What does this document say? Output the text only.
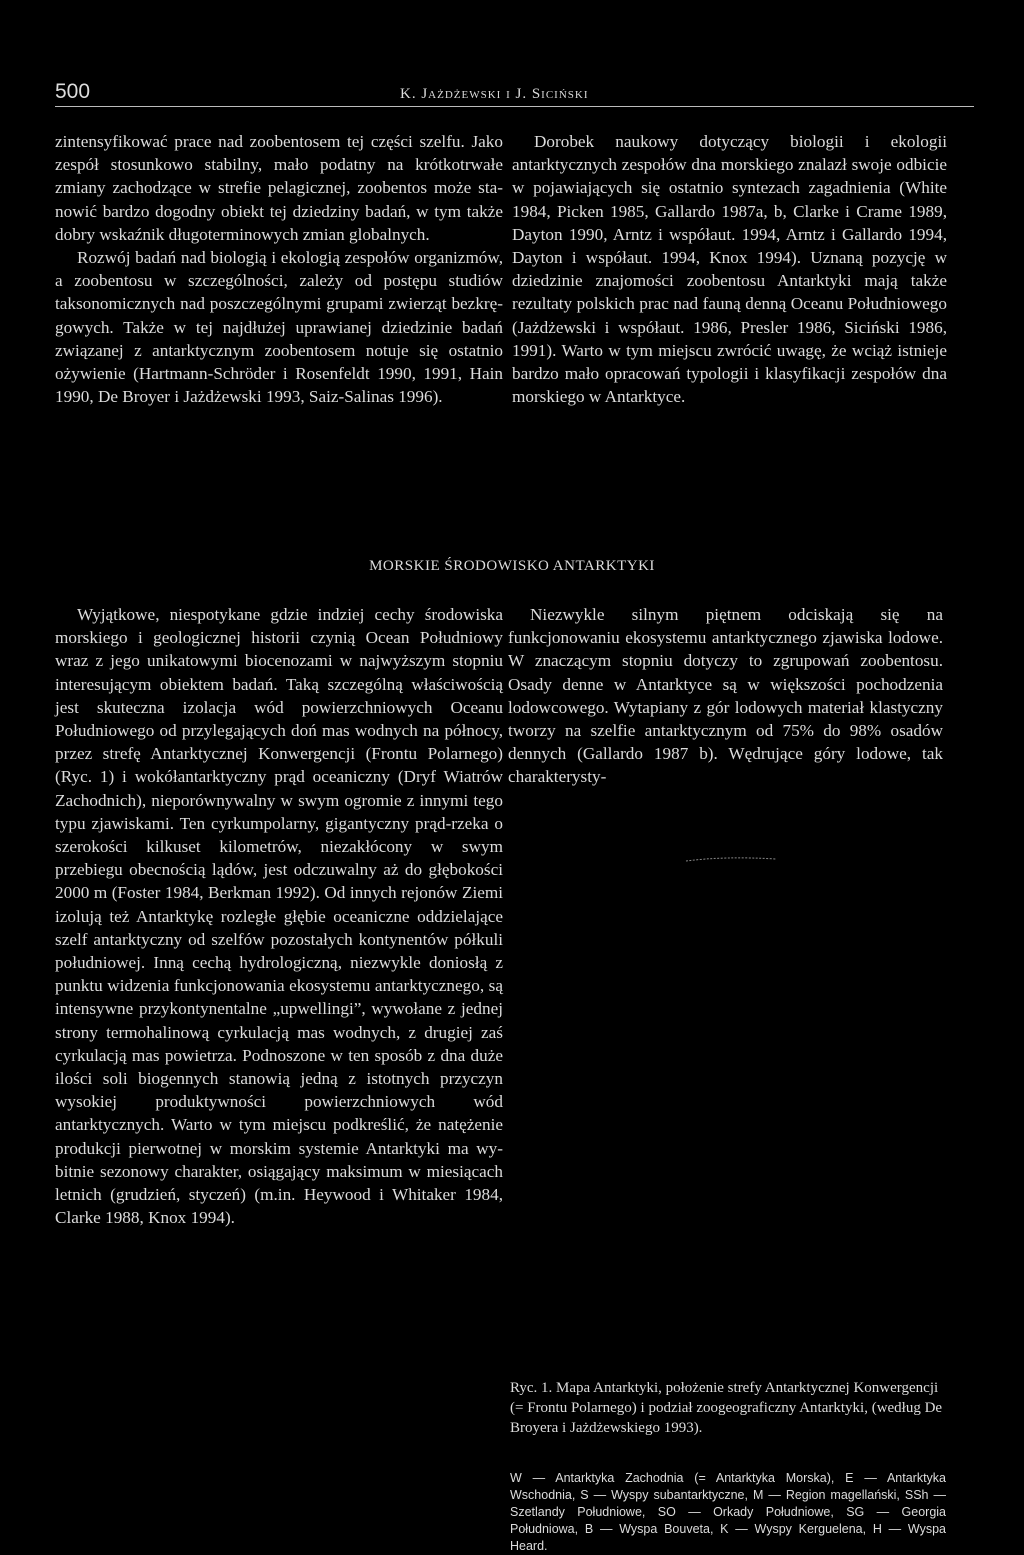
500	K. Jażdżewski i J. Siciński

zintensyfikować prace nad zoobentosem tej części szelfu. Jako zespół stosunkowo stabilny, mało podatny na krótkotrwałe zmiany zachodzące w strefie pelagicznej, zoobentos może stanowić bardzo dogodny obiekt tej dziedziny badań, w tym także dobry wskaźnik długoterminowych zmian globalnych.

Rozwój badań nad biologią i ekologią zespołów organizmów, a zoobentosu w szczególności, zależy od postępu studiów taksonomicznych nad poszczególnymi grupami zwierząt bezkręgowych. Także w tej najdłużej uprawianej dziedzinie badań związanej z antarktycznym zoobentosem notuje się ostatnio ożywienie (Hartmann-Schröder i Rosenfeldt 1990, 1991, Hain 1990, De Broyer i Jażdżewski 1993, Saiz-Salinas 1996).

Dorobek naukowy dotyczący biologii i ekologii antarktycznych zespołów dna morskiego znalazł swoje odbicie w pojawiających się ostatnio syntezach zagadnienia (White 1984, Picken 1985, Gallardo 1987a, b, Clarke i Crame 1989, Dayton 1990, Arntz i współaut. 1994, Arntz i Gallardo 1994, Dayton i współaut. 1994, Knox 1994). Uznaną pozycję w dziedzinie znajomości zoobentosu Antarktyki mają także rezultaty polskich prac nad fauną denną Oceanu Południowego (Jażdżewski i współaut. 1986, Presler 1986, Siciński 1986, 1991). Warto w tym miejscu zwrócić uwagę, że wciąż istnieje bardzo mało opracowań typologii i klasyfikacji zespołów dna morskiego w Antarktyce.

MORSKIE ŚRODOWISKO ANTARKTYKI

Wyjątkowe, niespotykane gdzie indziej cechy środowiska morskiego i geologicznej historii czynią Ocean Południowy wraz z jego unikatowymi biocenozami w najwyższym stopniu interesującym obiektem badań. Taką szczególną właściwością jest skuteczna izolacja wód powierzchniowych Oceanu Południowego od przylegających doń mas wodnych na północy, przez strefę Antarktycznej Konwergencji (Frontu Polarnego) (Ryc. 1) i wokółantarktyczny prąd oceaniczny (Dryf Wiatrów Zachodnich), nieporównywalny w swym ogromie z innymi tego typu zjawiskami. Ten cyrkumpolarny, gigantyczny prąd-rzeka o szerokości kilkuset kilometrów, niezakłócony w swym przebiegu obecnością lądów, jest odczuwalny aż do głębokości 2000 m (Foster 1984, Berkman 1992). Od innych rejonów Ziemi izolują też Antarktykę rozległe głębie oceaniczne oddzielające szelf antarktyczny od szelfów pozostałych kontynentów półkuli południowej. Inną cechą hydrologiczną, niezwykle doniosłą z punktu widzenia funkcjonowania ekosystemu antarktycznego, są intensywne przykontynentalne „upwellingi”, wywołane z jednej strony termohalinową cyrkulacją mas wodnych, z drugiej zaś cyrkulacją mas powietrza. Podnoszone w ten sposób z dna duże ilości soli biogennych stanowią jedną z istotnych przyczyn wysokiej produktywności powierzchniowych wód antarktycznych. Warto w tym miejscu podkreślić, że natężenie produkcji pierwotnej w morskim systemie Antarktyki ma wybitnie sezonowy charakter, osiągający maksimum w miesiącach letnich (grudzień, styczeń) (m.in. Heywood i Whitaker 1984, Clarke 1988, Knox 1994).

Niezwykle silnym piętnem odciskają się na funkcjonowaniu ekosystemu antarktycznego zjawiska lodowe. W znaczącym stopniu dotyczy to zgrupowań zoobentosu. Osady denne w Antarktyce są w większości pochodzenia lodowcowego. Wytapiany z gór lodowych materiał klastyczny tworzy na szelfie antarktycznym od 75% do 98% osadów dennych (Gallardo 1987 b). Wędrujące góry lodowe, tak charakterysty-

Ryc. 1. Mapa Antarktyki, położenie strefy Antarktycznej Konwergencji (= Frontu Polarnego) i podział zoogeograficzny Antarktyki, (według De Broyera i Jażdżewskiego 1993).

W — Antarktyka Zachodnia (= Antarktyka Morska), E — Antarktyka Wschodnia, S — Wyspy subantarktyczne, M — Region magellański, SSh — Szetlandy Południowe, SO — Orkady Południowe, SG — Georgia Południowa, B — Wyspa Bouveta, K — Wyspy Kerguelena, H — Wyspa Heard.
